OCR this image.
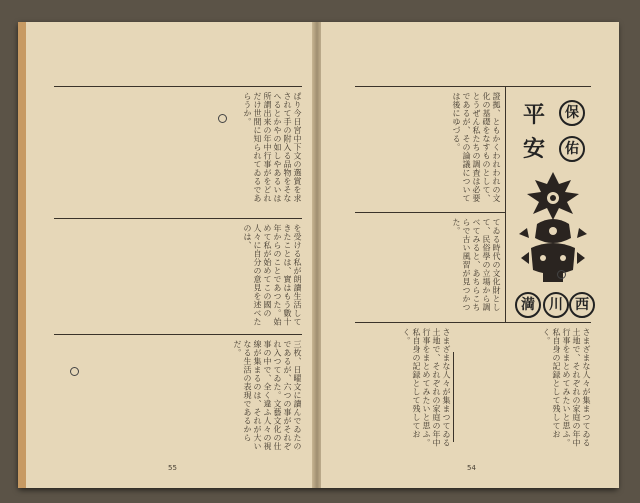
ぱり今日宮中下文の選賞を求されて手の附入る品物をそなへるとかやの如しやあるいは所謂出来の年中行事がをどれだけ世間に知られてゐるであらうか。
を受ける私が朗讀生活してきたことは、實はもう數十年からのことであつた。始めて私が始めてこの國の人々に自分の意見を述べたのは、
三枚、日曜文に讀んでゐたのであるが、六つの事がそれぞれ入つてゐた。文藝文化の仕事の中で、全く違ふ人々の視線が集まるのは、それが大いなる生活の表現であるからだ。
55
證拠、ともかくわれわれの文化の基礎をなすものとして、とうぜん私たちの調査は必要であるが、その論議については後にゆづる。
てゐる時代の文化財として、民俗學の立場から調べてみると、あちらこちらで古い風習が見つかつた。
さまざまな人々が集まつてゐる土地で、それぞれの家庭の年中行事をまとめてみたいと思ふ。私自身の記録として残しておく。
保
佑
平
安
西
川
満
さまざまな人々が集まつてゐる土地で、それぞれの家庭の年中行事をまとめてみたいと思ふ。私自身の記録として残しておく。
54
